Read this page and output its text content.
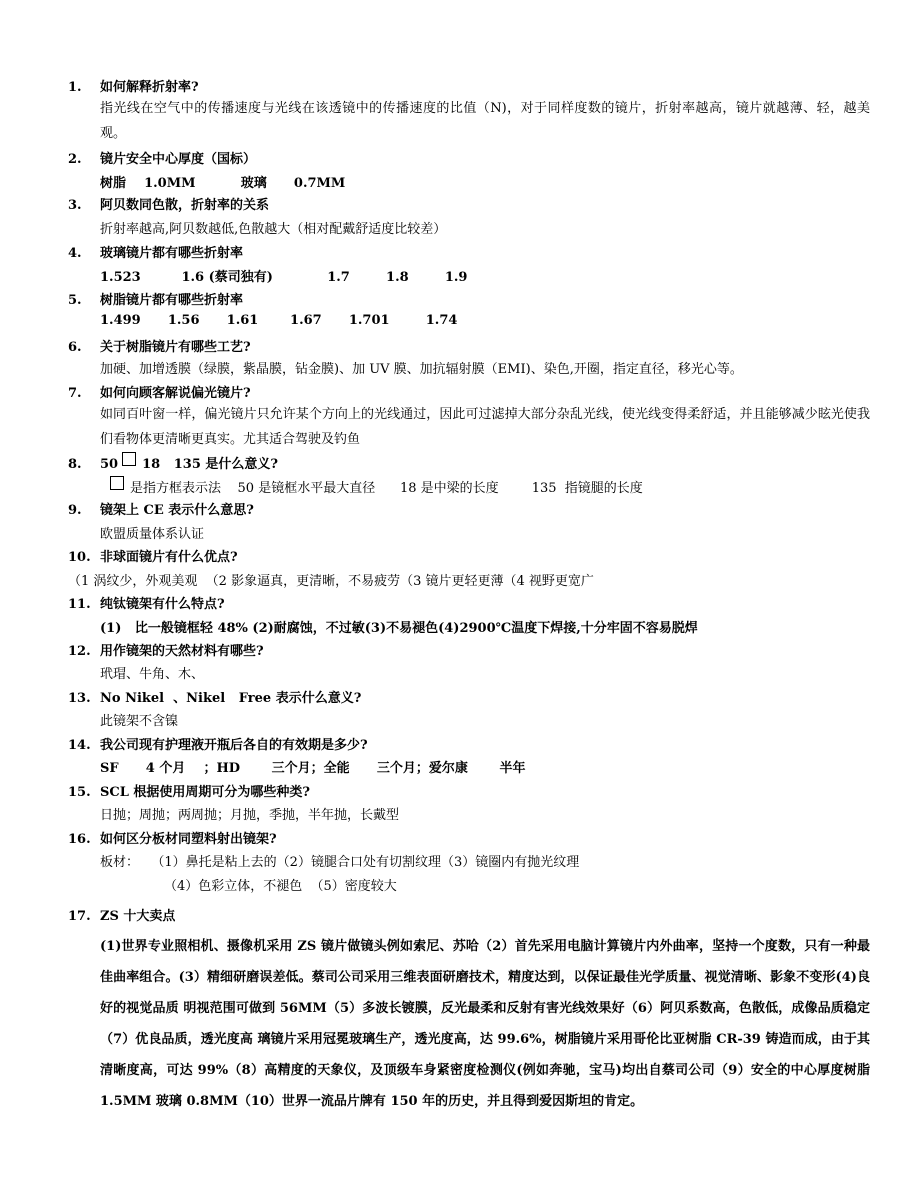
1. 如何解释折射率?
指光线在空气中的传播速度与光线在该透镜中的传播速度的比值（N)，对于同样度数的镜片，折射率越高，镜片就越薄、轻，越美观。
2. 镜片安全中心厚度（国标）
树脂    1.0MM          玻璃      0.7MM
3. 阿贝数同色散，折射率的关系
折射率越高,阿贝数越低,色散越大（相对配戴舒适度比较差）
4. 玻璃镜片都有哪些折射率
1.523         1.6 (蔡司独有)            1.7        1.8        1.9
5. 树脂镜片都有哪些折射率
1.499      1.56      1.61       1.67      1.701        1.74
6. 关于树脂镜片有哪些工艺?
加硬、加增透膜（绿膜，紫晶膜，钻金膜)、加 UV 膜、加抗辐射膜（EMI)、染色,开圈，指定直径，移光心等。
7. 如何向顾客解说偏光镜片?
如同百叶窗一样，偏光镜片只允许某个方向上的光线通过，因此可过滤掉大部分杂乱光线，使光线变得柔舒适，并且能够减少眩光使我们看物体更清晰更真实。尤其适合驾驶及钓鱼
8. 50 18   135 是什么意义?
是指方框表示法    50 是镜框水平最大直径      18 是中梁的长度        135  指镜腿的长度
9. 镜架上 CE 表示什么意思?
欧盟质量体系认证
10. 非球面镜片有什么优点?
（1 涡纹少，外观美观  （2 影象逼真，更清晰，不易疲劳（3 镜片更轻更薄（4 视野更宽广
11. 纯钛镜架有什么特点?
(1)   比一般镜框轻 48% (2)耐腐蚀，不过敏(3)不易褪色(4)2900℃温度下焊接,十分牢固不容易脱焊
12. 用作镜架的天然材料有哪些?
玳瑁、牛角、木、
13. No Nikel  、Nikel   Free 表示什么意义?
此镜架不含镍
14. 我公司现有护理液开瓶后各自的有效期是多少?
SF      4 个月    ；HD       三个月；全能      三个月；爱尔康       半年
15. SCL 根据使用周期可分为哪些种类?
日抛；周抛；两周抛；月抛，季抛，半年抛，长戴型
16. 如何区分板材同塑料射出镜架?
板材：   （1）鼻托是粘上去的（2）镜腿合口处有切割纹理（3）镜圈内有抛光纹理
（4）色彩立体，不褪色  （5）密度较大
17. ZS 十大卖点
(1)世界专业照相机、摄像机采用 ZS 镜片做镜头例如索尼、苏哈（2）首先采用电脑计算镜片内外曲率，坚持一个度数，只有一种最佳曲率组合。(3）精细研磨误差低。蔡司公司采用三维表面研磨技术，精度达到，以保证最佳光学质量、视觉清晰、影象不变形(4)良好的视觉品质 明视范围可做到 56MM（5）多波长镀膜，反光最柔和反射有害光线效果好（6）阿贝系数高，色散低，成像品质稳定（7）优良品质，透光度高 璃镜片采用冠冕玻璃生产，透光度高，达 99.6%，树脂镜片采用哥伦比亚树脂 CR-39 铸造而成，由于其清晰度高，可达 99%（8）高精度的天象仪，及顶级车身紧密度检测仪(例如奔驰，宝马)均出自蔡司公司（9）安全的中心厚度树脂 1.5MM 玻璃 0.8MM（10）世界一流品片牌有 150 年的历史，并且得到爱因斯坦的肯定。
